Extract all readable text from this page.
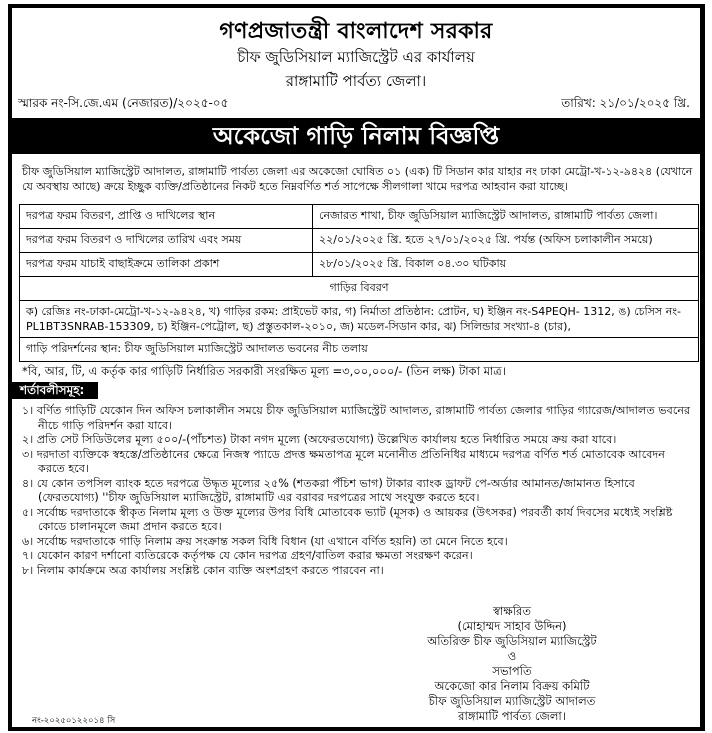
গণপ্রজাতন্ত্রী বাংলাদেশ সরকার
চীফ জুডিসিয়াল ম্যাজিস্ট্রেট এর কার্যালয়
রাঙ্গামাটি পার্বত্য জেলা।
স্মারক নং-সি.জে.এম (নেজারত)/২০২৫-০৫	তারিখ: ২১/০১/২০২৫ খ্রি.
অকেজো গাড়ি নিলাম বিজ্ঞপ্তি
চীফ জুডিসিয়াল ম্যাজিস্ট্রেট আদালত, রাঙ্গামাটি পার্বত্য জেলা এর অকেজো ঘোষিত ০১ (এক) টি সিডান কার যাহার নং ঢাকা মেট্রো-খ-১২-৯৪২৪ (যেখানে যে অবস্থায় আছে) ক্রয়ে ইচ্ছুক ব্যক্তি/প্রতিষ্ঠানের নিকট হতে নিম্নবর্ণিত শর্ত সাপেক্ষে সীলগালা খামে দরপত্র আহবান করা যাচ্ছে।
দরপত্র ফরম বিতরণ, প্রাপ্তি ও দাখিলের স্থান	নেজারত শাখা, চীফ জুডিসিয়াল ম্যাজিস্ট্রেট আদালত, রাঙ্গামাটি পার্বত্য জেলা।
দরপত্র ফরম বিতরণ ও দাখিলের তারিখ এবং সময়	২২/০১/২০২৫ খ্রি. হতে ২৭/০১/২০২৫ খ্রি. পর্যন্ত (অফিস চলাকালীন সময়ে)
দরপত্র ফরম যাচাই বাছাইক্রমে তালিকা প্রকাশ	২৮/০১/২০২৫ খ্রি. বিকাল ০৪.৩০ ঘটিকায়
গাড়ির বিবরণ	
ক) রেজিঃ নং-ঢাকা-মেট্রো-খ-১২-৯৪২৪, খ) গাড়ির রকম: প্রাইভেট কার, গ) নির্মাতা প্রতিষ্ঠান: প্রোটন, ঘ) ইঞ্জিন নং-S4PEQH- 1312, ঙ) চেসিস নং- PL1BT3SNRAB-153309, চ) ইঞ্জিন-পেট্রোল, ছ) প্রস্তুতকাল-২০১০, জ) মডেল-সিডান কার, ঝ) সিলিন্ডার সংখ্যা-৪ (চার),	
গাড়ি পরিদর্শনের স্থান: চীফ জুডিসিয়াল ম্যাজিস্ট্রেট আদালত ভবনের নীচ তলায়	
*বি, আর, টি, এ কর্তৃক কার গাড়িটি নির্ধারিত সরকারী সংরক্ষিত মূল্য =৩,০০,০০০/- (তিন লক্ষ) টাকা মাত্র।
শর্তাবলীসমূহ:
১। বর্ণিত গাড়িটি যেকোন দিন অফিস চলাকালীন সময়ে চীফ জুডিসিয়াল ম্যাজিস্ট্রেট আদালত, রাঙ্গামাটি পার্বত্য জেলার গাড়ির গ্যারেজ/আদালত ভবনের নীচে গাড়ি পরিদর্শন করা যাবে।
২। প্রতি সেট সিডিউলের মূল্য ৫০০/-(পাঁচশত) টাকা নগদ মূল্যে (অফেরতযোগ্য) উল্লেখিত কার্যালয় হতে নির্ধারিত সময়ে ক্রয় করা যাবে।
৩। দরদাতা ব্যক্তিকে স্বহস্তে/প্রতিষ্ঠানের ক্ষেত্রে নিজস্ব প্যাডে প্রদত্ত ক্ষমতাপত্র মূলে মনোনীত প্রতিনিধির মাধ্যমে দরপত্র বর্ণিত শর্ত মোতাবেক আবেদন করতে হবে।
৪। যে কোন তপসিল ব্যাংক হতে দরপত্রে উদ্ধৃত মূল্যের ২৫% (শতকরা পঁচিশ ভাগ) টাকার ব্যাংক ড্রাফট পে-অর্ডার আমানত/জামানত হিসাবে (ফেরতযোগ্য) ''চীফ জুডিসিয়াল ম্যাজিস্ট্রেট, রাঙ্গামাটি এর বরাবর দরপত্রের সাথে সংযুক্ত করতে হবে।
৫। সর্বোচ্চ দরদাতাকে স্বীকৃত নিলাম মূল্য ও উক্ত মূল্যের উপর বিধি মোতাবেক ভ্যাট (মূসক) ও আয়কর (উৎসকর) পরবর্তী কার্য দিবসের মধ্যেই সংশ্লিষ্ট কোডে চালানমূলে জমা প্রদান করতে হবে।
৬। সর্বোচ্চ দরদাতাকে গাড়ি নিলাম ক্রয় সংক্রান্ত সকল বিধি বিধান (যা এখানে বর্ণিত হয়নি) তা মেনে নিতে হবে।
৭। যেকোন কারণ দর্শানো ব্যতিরেকে কর্তৃপক্ষ যে কোন দরপত্র গ্রহণ/বাতিল করার ক্ষমতা সংরক্ষণ করেন।
৮। নিলাম কার্যক্রমে অত্র কার্যালয় সংশ্লিষ্ট কোন ব্যক্তি অংশগ্রহণ করতে পারবেন না।
স্বাক্ষরিত
(মোহাম্মদ সাহাব উদ্দিন)
অতিরিক্ত চীফ জুডিসিয়াল ম্যাজিস্ট্রেট
ও
সভাপতি
অকেজো কার নিলাম বিক্রয় কমিটি
চীফ জুডিসিয়াল ম্যাজিস্ট্রেট আদালত
রাঙ্গামাটি পার্বত্য জেলা।
নং-২০২৫০১২২০১৪ সি
